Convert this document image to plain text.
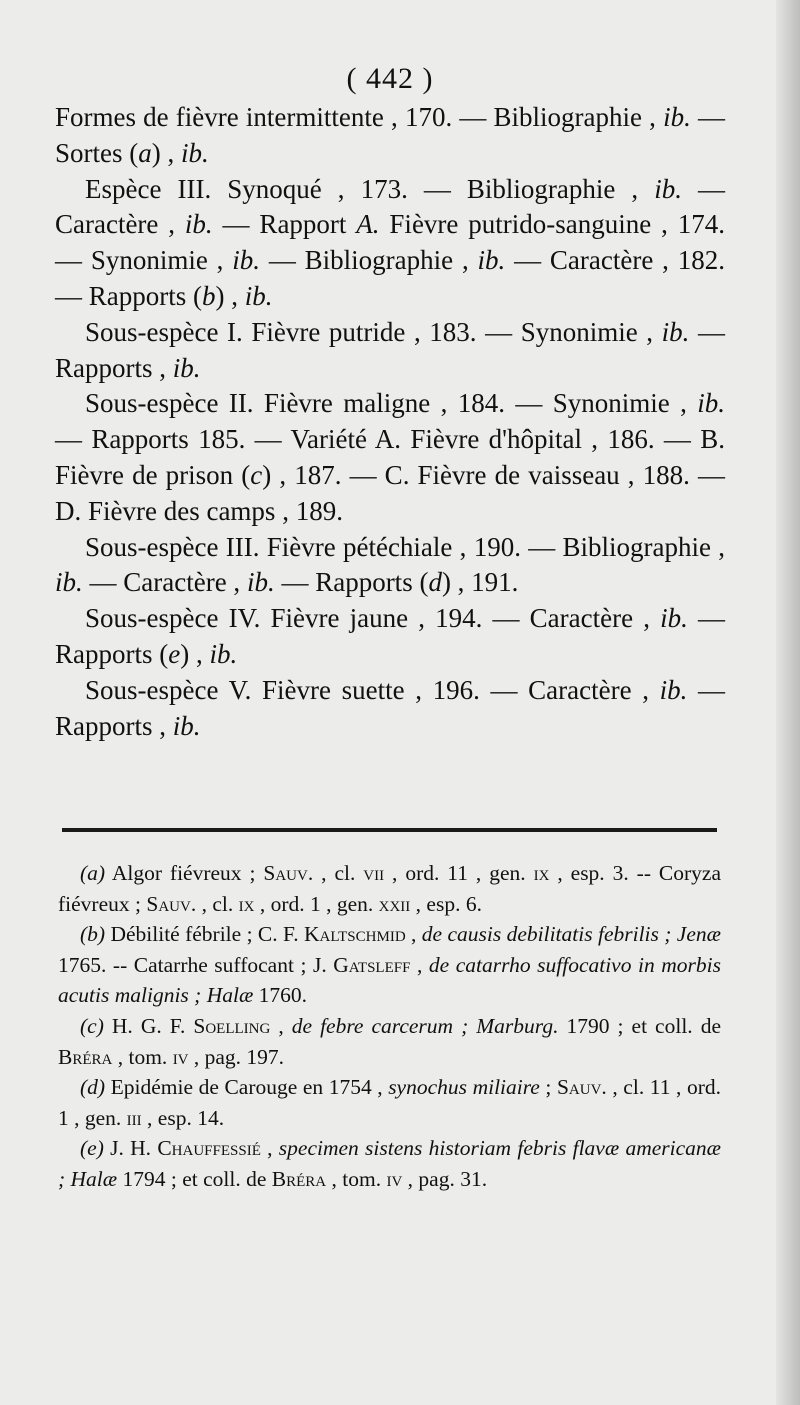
( 442 )

Formes de fièvre intermittente , 170. — Bibliographie , ib. — Sortes (a) , ib.

Espèce III. Synoqué , 173. — Bibliographie , ib. — Caractère , ib. — Rapport A. Fièvre putrido-sanguine , 174. — Synonimie , ib. — Bibliographie , ib. — Caractère , 182. — Rapports (b) , ib.

Sous-espèce I. Fièvre putride , 183. — Synonimie , ib. — Rapports , ib.

Sous-espèce II. Fièvre maligne , 184. — Synonimie , ib. — Rapports 185. — Variété A. Fièvre d'hôpital , 186. — B. Fièvre de prison (c) , 187. — C. Fièvre de vaisseau , 188. — D. Fièvre des camps , 189.

Sous-espèce III. Fièvre pétéchiale , 190. — Bibliographie , ib. — Caractère , ib. — Rapports (d) , 191.

Sous-espèce IV. Fièvre jaune , 194. — Caractère , ib. — Rapports (e) , ib.

Sous-espèce V. Fièvre suette , 196. — Caractère , ib. — Rapports , ib.

(a) Algor fiévreux ; Sauv. , cl. vii , ord. 11 , gen. ix , esp. 3. -- Coryza fiévreux ; Sauv. , cl. ix , ord. 1 , gen. xxii , esp. 6.

(b) Débilité fébrile ; C. F. Kaltschmid , de causis debilitatis febrilis ; Jenæ 1765. -- Catarrhe suffocant ; J. Gatsleff , de catarrho suffocativo in morbis acutis malignis ; Halæ 1760.

(c) H. G. F. Soelling , de febre carcerum ; Marburg. 1790 ; et coll. de Bréra , tom. iv , pag. 197.

(d) Epidémie de Carouge en 1754 , synochus miliaire ; Sauv. , cl. 11 , ord. 1 , gen. iii , esp. 14.

(e) J. H. Chauffessié , specimen sistens historiam febris flavæ americanæ ; Halæ 1794 ; et coll. de Bréra , tom. iv , pag. 31.
